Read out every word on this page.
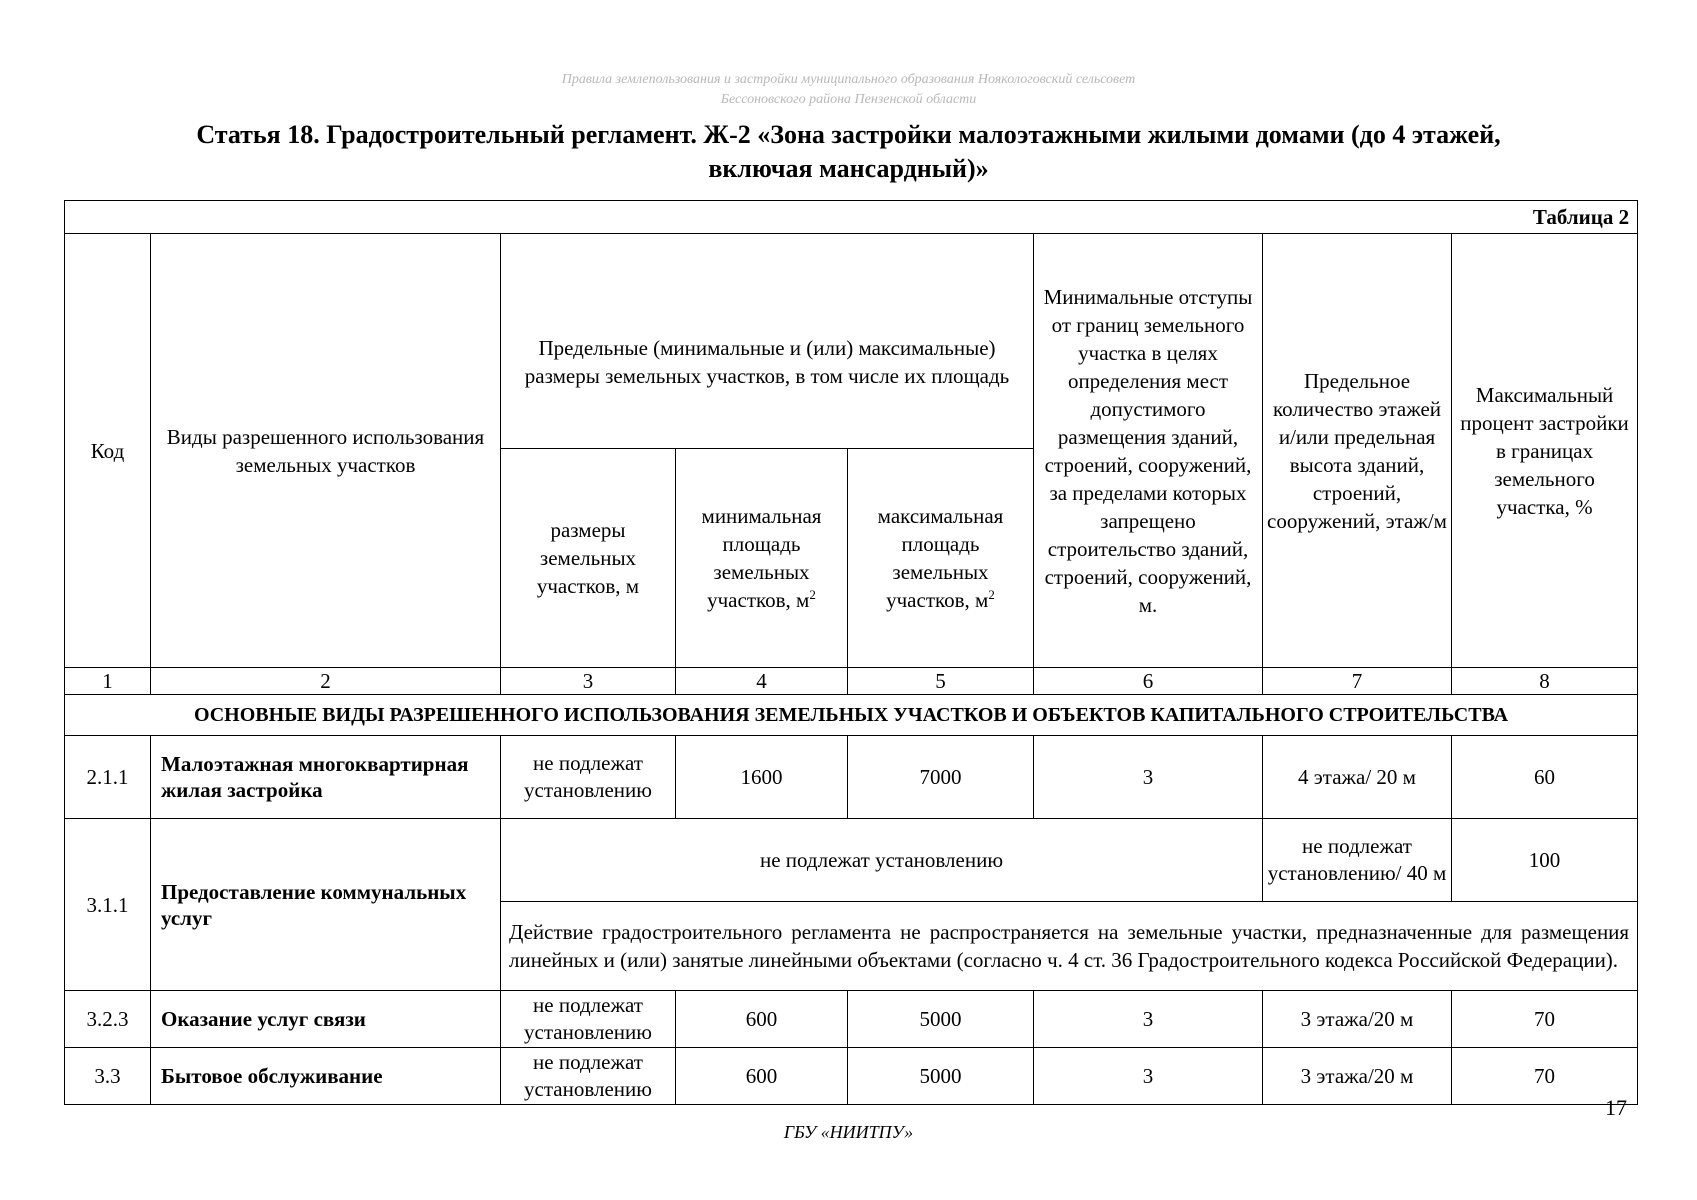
Правила землепользования и застройки муниципального образования Ноякологовский сельсовет
Бессоновского района Пензенской области
Статья 18. Градостроительный регламент. Ж-2 «Зона застройки малоэтажными жилыми домами (до 4 этажей,
включая мансардный)»
Таблица 2							
Код	Виды разрешенного использования земельных участков	Предельные (минимальные и (или) максимальные) размеры земельных участков, в том числе их площадь			Минимальные отступы от границ земельного участка в целях определения мест допустимого размещения зданий, строений, сооружений, за пределами которых запрещено строительство зданий, строений, сооружений, м.	Предельное количество этажей и/или предельная высота зданий, строений, сооружений, этаж/м	Максимальный процент застройки в границах земельного участка, %
		размеры земельных участков, м	минимальная площадь земельных участков, $м^2$	максимальная площадь земельных участков, $м^2$
1	2	3	4	5	6	7	8
ОСНОВНЫЕ ВИДЫ РАЗРЕШЕННОГО ИСПОЛЬЗОВАНИЯ ЗЕМЕЛЬНЫХ УЧАСТКОВ И ОБЪЕКТОВ КАПИТАЛЬНОГО СТРОИТЕЛЬСТВА							
2.1.1	Малоэтажная многоквартирная жилая застройка	не подлежат установлению	1600	7000	3	4 этажа/ 20 м	60
3.1.1	Предоставление коммунальных услуг	не подлежат установлению				не подлежат установлению/ 40 м	100
		Действие градостроительного регламента не распространяется на земельные участки, предназначенные для размещения линейных и (или) занятые линейными объектами (согласно ч. 4 ст. 36 Градостроительного кодекса Российской Федерации).					
3.2.3	Оказание услуг связи	не подлежат установлению	600	5000	3	3 этажа/20 м	70
3.3	Бытовое обслуживание	не подлежат установлению	600	5000	3	3 этажа/20 м	70
17
ГБУ «НИИТПУ»
